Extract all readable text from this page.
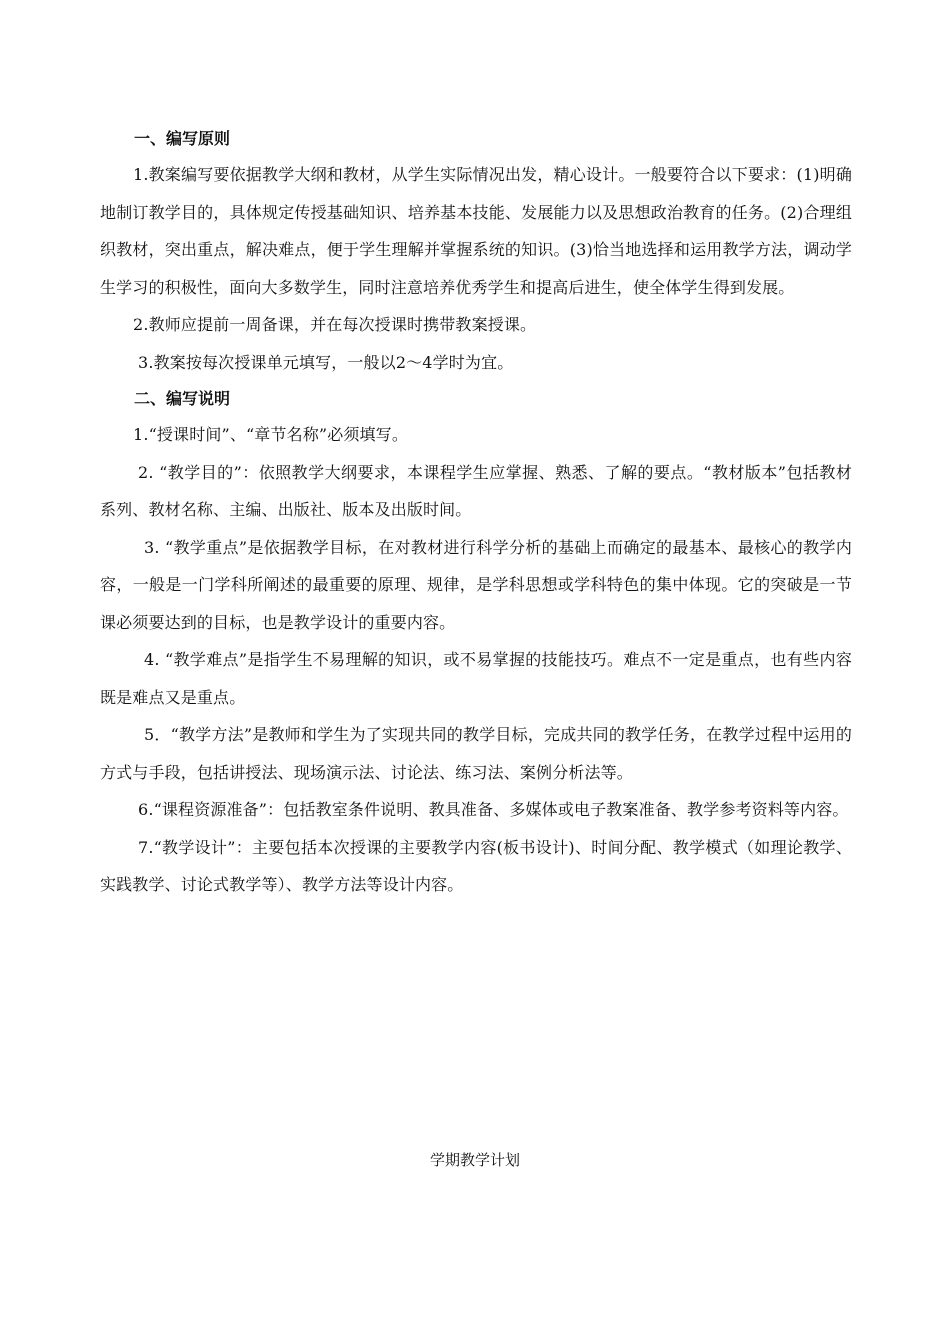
一、编写原则

1.教案编写要依据教学大纲和教材，从学生实际情况出发，精心设计。一般要符合以下要求：(1)明确地制订教学目的，具体规定传授基础知识、培养基本技能、发展能力以及思想政治教育的任务。(2)合理组织教材，突出重点，解决难点，便于学生理解并掌握系统的知识。(3)恰当地选择和运用教学方法，调动学生学习的积极性，面向大多数学生，同时注意培养优秀学生和提高后进生，使全体学生得到发展。

2.教师应提前一周备课，并在每次授课时携带教案授课。

3.教案按每次授课单元填写，一般以2～4学时为宜。

二、编写说明

1.“授课时间”、“章节名称”必须填写。

2. “教学目的”：依照教学大纲要求，本课程学生应掌握、熟悉、了解的要点。“教材版本”包括教材系列、教材名称、主编、出版社、版本及出版时间。

3. “教学重点”是依据教学目标，在对教材进行科学分析的基础上而确定的最基本、最核心的教学内容，一般是一门学科所阐述的最重要的原理、规律，是学科思想或学科特色的集中体现。它的突破是一节课必须要达到的目标，也是教学设计的重要内容。

4. “教学难点”是指学生不易理解的知识，或不易掌握的技能技巧。难点不一定是重点，也有些内容既是难点又是重点。

5．“教学方法”是教师和学生为了实现共同的教学目标，完成共同的教学任务，在教学过程中运用的方式与手段，包括讲授法、现场演示法、讨论法、练习法、案例分析法等。

6.“课程资源准备”：包括教室条件说明、教具准备、多媒体或电子教案准备、教学参考资料等内容。

7.“教学设计”：主要包括本次授课的主要教学内容(板书设计)、时间分配、教学模式（如理论教学、实践教学、讨论式教学等）、教学方法等设计内容。

学期教学计划
